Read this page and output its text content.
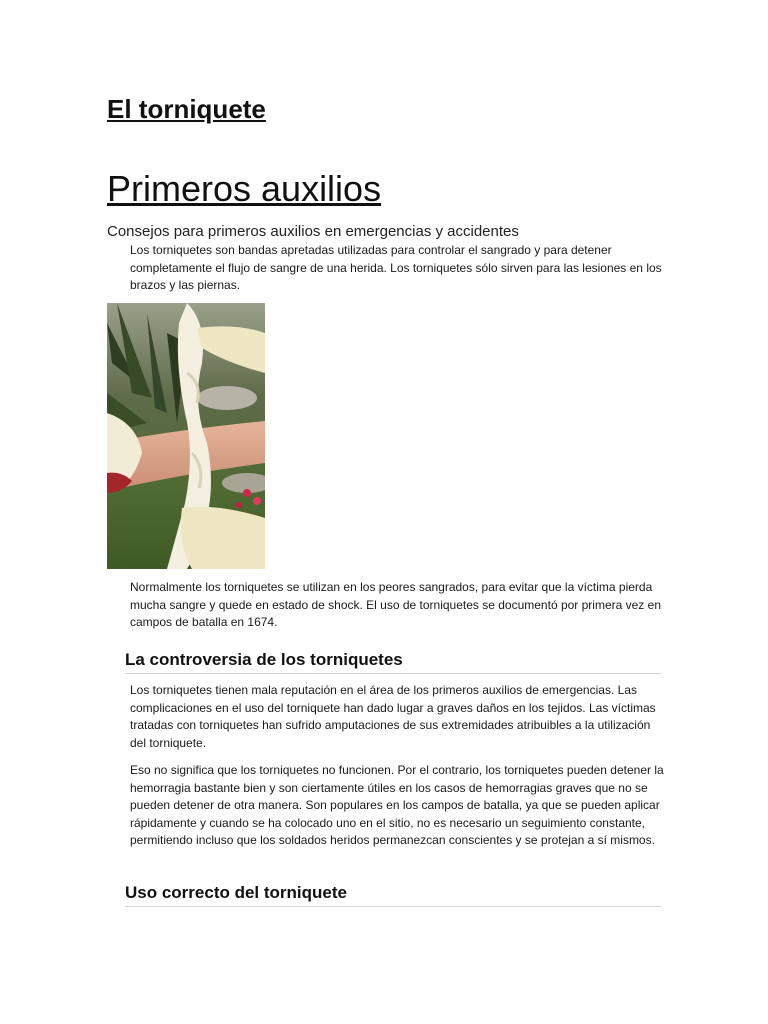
El torniquete
Primeros auxilios

Consejos para primeros auxilios en emergencias y accidentes

Los torniquetes son bandas apretadas utilizadas para controlar el sangrado y para detener completamente el flujo de sangre de una herida. Los torniquetes sólo sirven para las lesiones en los brazos y las piernas.

Normalmente los torniquetes se utilizan en los peores sangrados, para evitar que la víctima pierda mucha sangre y quede en estado de shock. El uso de torniquetes se documentó por primera vez en campos de batalla en 1674.

La controversia de los torniquetes

Los torniquetes tienen mala reputación en el área de los primeros auxilios de emergencias. Las complicaciones en el uso del torniquete han dado lugar a graves daños en los tejidos. Las víctimas tratadas con torniquetes han sufrido amputaciones de sus extremidades atribuibles a la utilización del torniquete.

Eso no significa que los torniquetes no funcionen. Por el contrario, los torniquetes pueden detener la hemorragia bastante bien y son ciertamente útiles en los casos de hemorragias graves que no se pueden detener de otra manera. Son populares en los campos de batalla, ya que se pueden aplicar rápidamente y cuando se ha colocado uno en el sitio, no es necesario un seguimiento constante, permitiendo incluso que los soldados heridos permanezcan conscientes y se protejan a sí mismos.

Uso correcto del torniquete
